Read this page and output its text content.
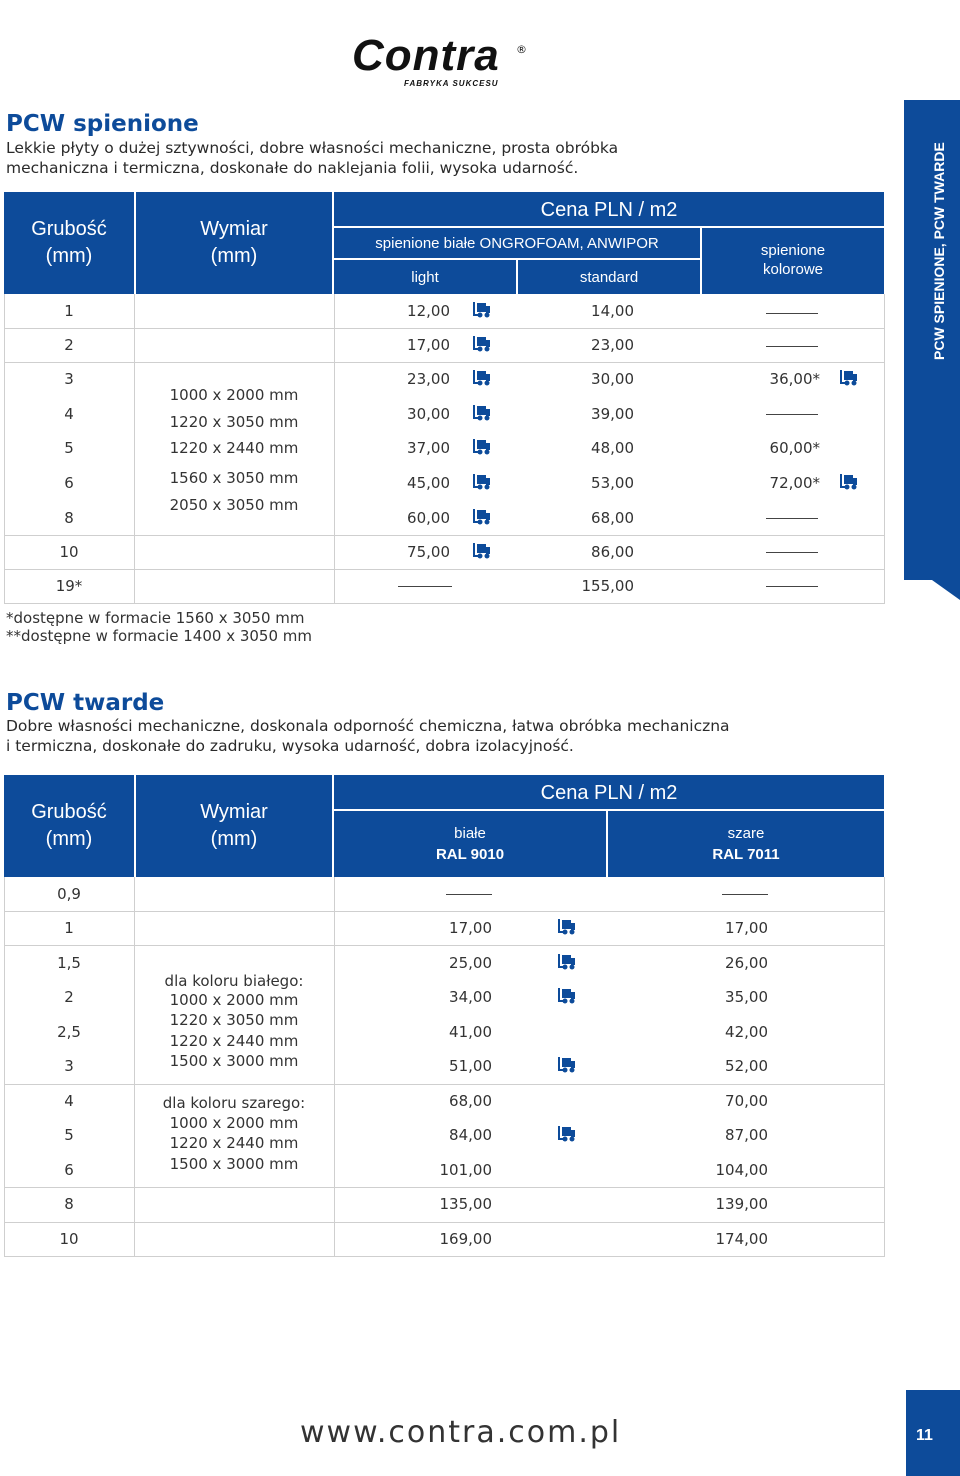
Contra
FABRYKA SUKCESU
®
PCW SPIENIONE, PCW TWARDE
PCW spienione
Lekkie płyty o dużej sztywności, dobre własności mechaniczne, prosta obróbka
mechaniczna i termiczna, doskonałe do naklejania folii, wysoka udarność.
Grubość
(mm)
Wymiar
(mm)
Cena PLN / m2
spienione białe ONGROFOAM, ANWIPOR
light	standard
spienione
kolorowe
1
2
3
4
5
6
8
10
19*
1000 x 2000 mm
1220 x 3050 mm
1220 x 2440 mm
1560 x 3050 mm
2050 x 3050 mm
12,00
17,00
23,00
30,00
37,00
45,00
60,00
75,00
14,00
23,00
30,00
39,00
48,00
53,00
68,00
86,00
155,00
36,00*
60,00*
72,00*
*dostępne w formacie 1560 x 3050 mm
**dostępne w formacie 1400 x 3050 mm
PCW twarde
Dobre własności mechaniczne, doskonala odporność chemiczna, łatwa obróbka mechaniczna
i termiczna, doskonałe do zadruku, wysoka udarność, dobra izolacyjność.
Grubość
(mm)
Wymiar
(mm)
Cena PLN / m2
białe
RAL 9010
szare
RAL 7011
0,9
1
1,5
2
2,5
3
4
5
6
8
10
dla koloru białego:
1000 x 2000 mm
1220 x 3050 mm
1220 x 2440 mm
1500 x 3000 mm
dla koloru szarego:
1000 x 2000 mm
1220 x 2440 mm
1500 x 3000 mm
17,00
25,00
34,00
41,00
51,00
68,00
84,00
101,00
135,00
169,00
17,00
26,00
35,00
42,00
52,00
70,00
87,00
104,00
139,00
174,00
www.contra.com.pl	11
